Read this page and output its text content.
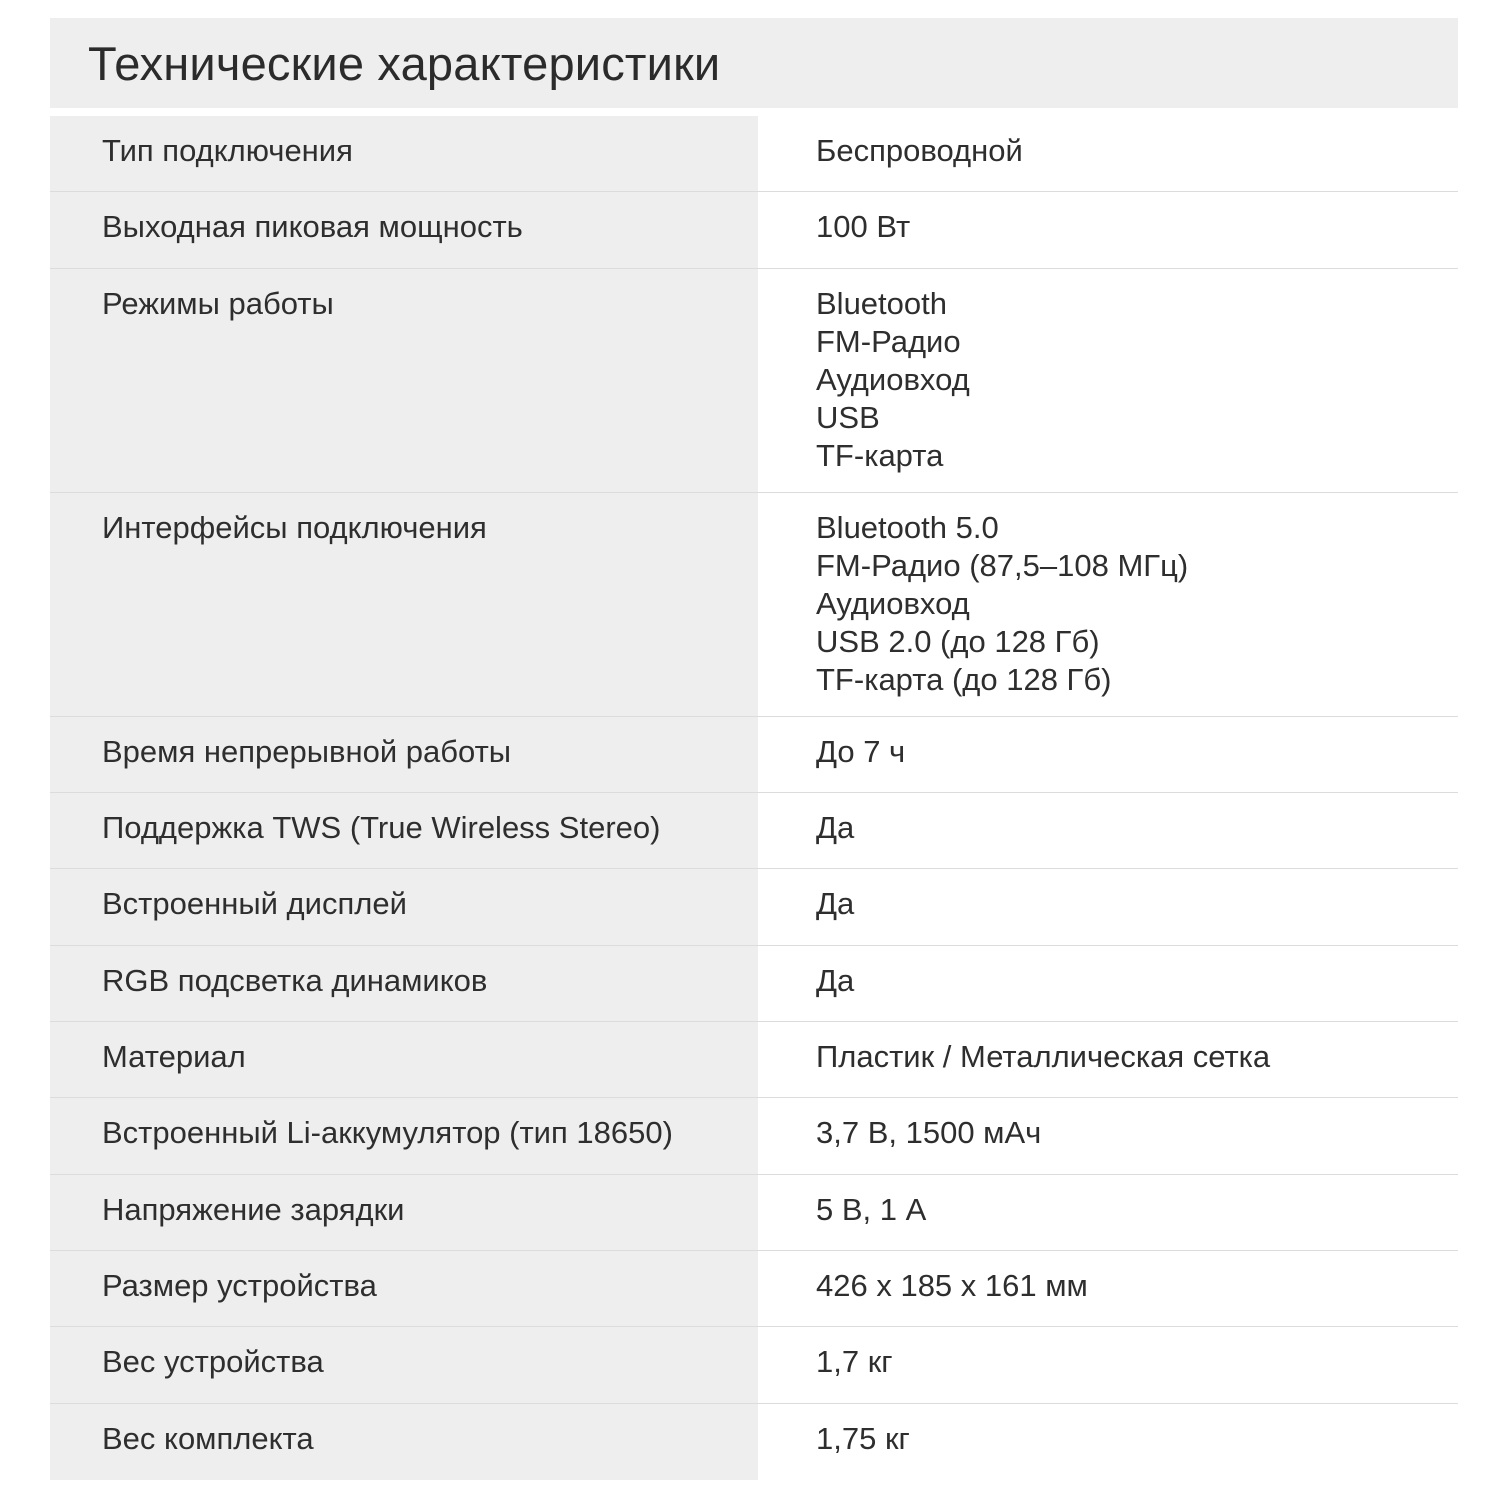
Технические характеристики
Тип подключения	Беспроводной
Выходная пиковая мощность	100 Вт
Режимы работы	Bluetooth
FM-Радио
Аудиовход
USB
TF-карта
Интерфейсы подключения	Bluetooth 5.0
FM-Радио (87,5–108 МГц)
Аудиовход
USB 2.0 (до 128 Гб)
TF-карта (до 128 Гб)
Время непрерывной работы	До 7 ч
Поддержка TWS (True Wireless Stereo)	Да
Встроенный дисплей	Да
RGB подсветка динамиков	Да
Материал	Пластик / Металлическая сетка
Встроенный Li-аккумулятор (тип 18650)	3,7 В, 1500 мАч
Напряжение зарядки	5 В, 1 А
Размер устройства	426 x 185 x 161 мм
Вес устройства	1,7 кг
Вес комплекта	1,75 кг
